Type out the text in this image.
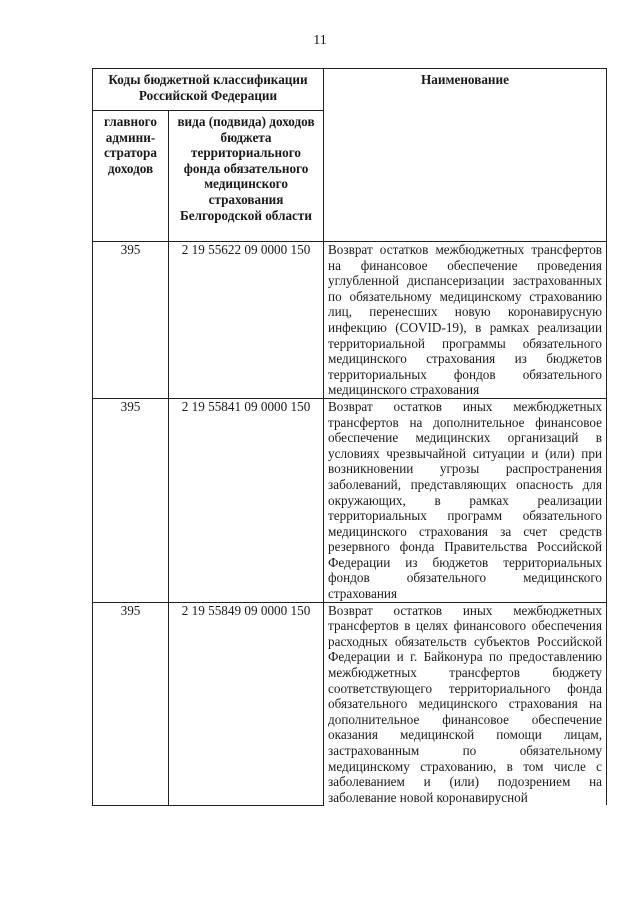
11
Коды бюджетной классификации Российской Федерации		Наименование
главного админи-стратора доходов	вида (подвида) доходов бюджета территориального фонда обязательного медицинского страхования Белгородской области	
395	2 19 55622 09 0000 150	Возврат остатков межбюджетных трансфертов на финансовое обеспечение проведения углубленной диспансеризации застрахованных по обязательному медицинскому страхованию лиц, перенесших новую коронавирусную инфекцию (COVID-19), в рамках реализации территориальной программы обязательного медицинского страхования из бюджетов территориальных фондов обязательного медицинского страхования
395	2 19 55841 09 0000 150	Возврат остатков иных межбюджетных трансфертов на дополнительное финансовое обеспечение медицинских организаций в условиях чрезвычайной ситуации и (или) при возникновении угрозы распространения заболеваний, представляющих опасность для окружающих, в рамках реализации территориальных программ обязательного медицинского страхования за счет средств резервного фонда Правительства Российской Федерации из бюджетов территориальных фондов обязательного медицинского страхования
395	2 19 55849 09 0000 150	Возврат остатков иных межбюджетных трансфертов в целях финансового обеспечения расходных обязательств субъектов Российской Федерации и г. Байконура по предоставлению межбюджетных трансфертов бюджету соответствующего территориального фонда обязательного медицинского страхования на дополнительное финансовое обеспечение оказания медицинской помощи лицам, застрахованным по обязательному медицинскому страхованию, в том числе с заболеванием и (или) подозрением на заболевание новой коронавирусной
